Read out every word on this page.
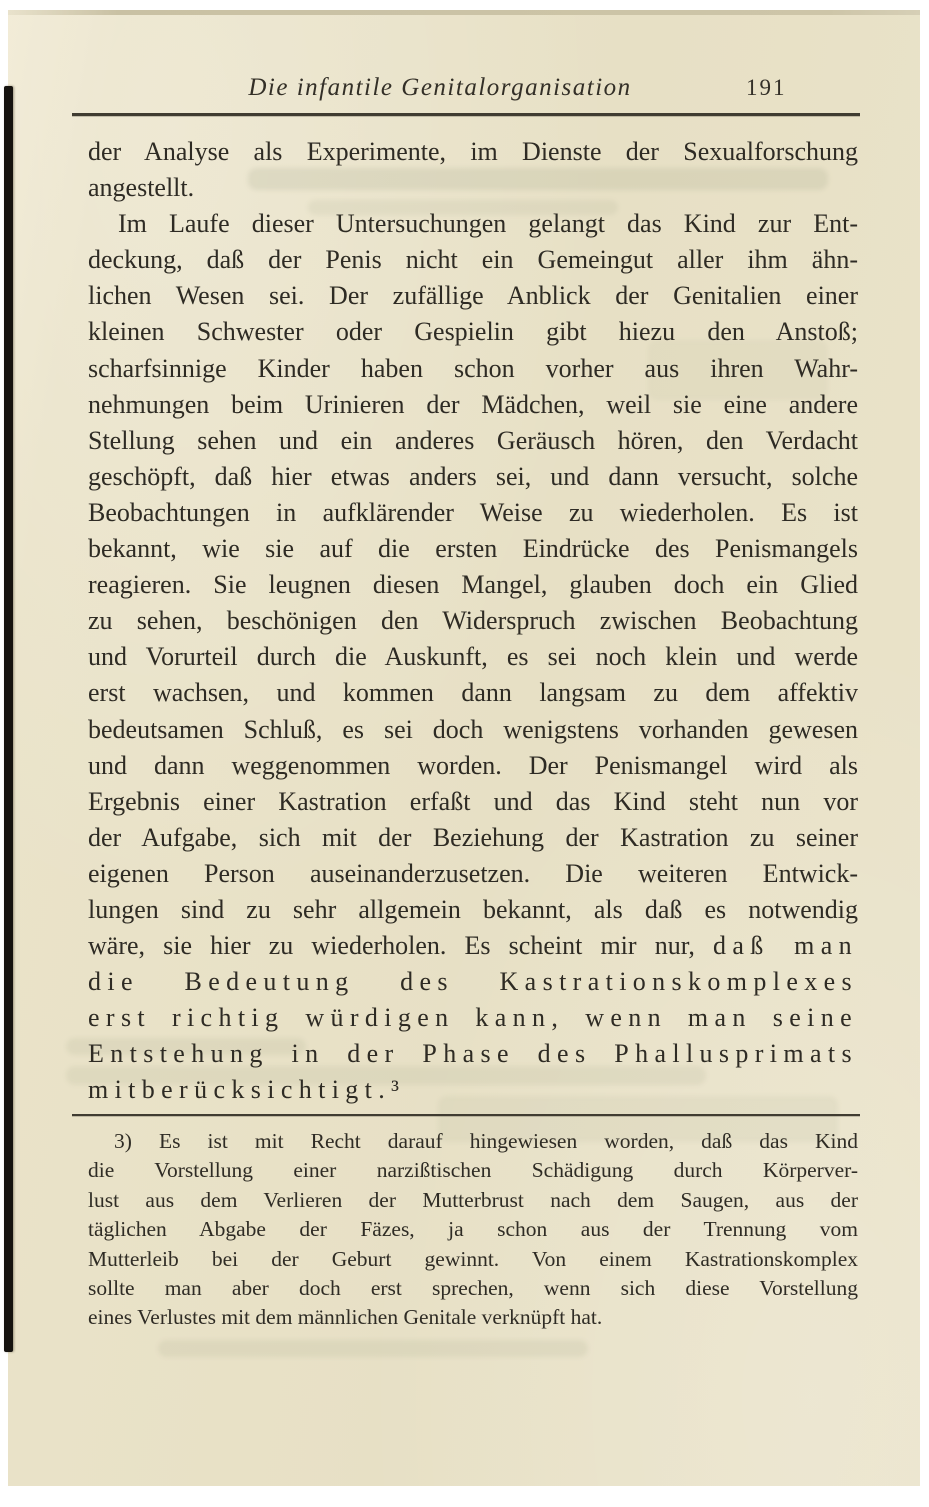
Die infantile Genitalorganisation	191
der Analyse als Experimente, im Dienste der Sexualforschung
angestellt.
Im Laufe dieser Untersuchungen gelangt das Kind zur Ent-
deckung, daß der Penis nicht ein Gemeingut aller ihm ähn-
lichen Wesen sei. Der zufällige Anblick der Genitalien einer
kleinen Schwester oder Gespielin gibt hiezu den Anstoß;
scharfsinnige Kinder haben schon vorher aus ihren Wahr-
nehmungen beim Urinieren der Mädchen, weil sie eine andere
Stellung sehen und ein anderes Geräusch hören, den Verdacht
geschöpft, daß hier etwas anders sei, und dann versucht, solche
Beobachtungen in aufklärender Weise zu wiederholen. Es ist
bekannt, wie sie auf die ersten Eindrücke des Penismangels
reagieren. Sie leugnen diesen Mangel, glauben doch ein Glied
zu sehen, beschönigen den Widerspruch zwischen Beobachtung
und Vorurteil durch die Auskunft, es sei noch klein und werde
erst wachsen, und kommen dann langsam zu dem affektiv
bedeutsamen Schluß, es sei doch wenigstens vorhanden gewesen
und dann weggenommen worden. Der Penismangel wird als
Ergebnis einer Kastration erfaßt und das Kind steht nun vor
der Aufgabe, sich mit der Beziehung der Kastration zu seiner
eigenen Person auseinanderzusetzen. Die weiteren Entwick-
lungen sind zu sehr allgemein bekannt, als daß es notwendig
wäre, sie hier zu wiederholen. Es scheint mir nur, daß man
die Bedeutung des Kastrationskomplexes
erst richtig würdigen kann, wenn man seine
Entstehung in der Phase des Phallusprimats
mitberücksichtigt.³
3) Es ist mit Recht darauf hingewiesen worden, daß das Kind
die Vorstellung einer narzißtischen Schädigung durch Körperver-
lust aus dem Verlieren der Mutterbrust nach dem Saugen, aus der
täglichen Abgabe der Fäzes, ja schon aus der Trennung vom
Mutterleib bei der Geburt gewinnt. Von einem Kastrationskomplex
sollte man aber doch erst sprechen, wenn sich diese Vorstellung
eines Verlustes mit dem männlichen Genitale verknüpft hat.
